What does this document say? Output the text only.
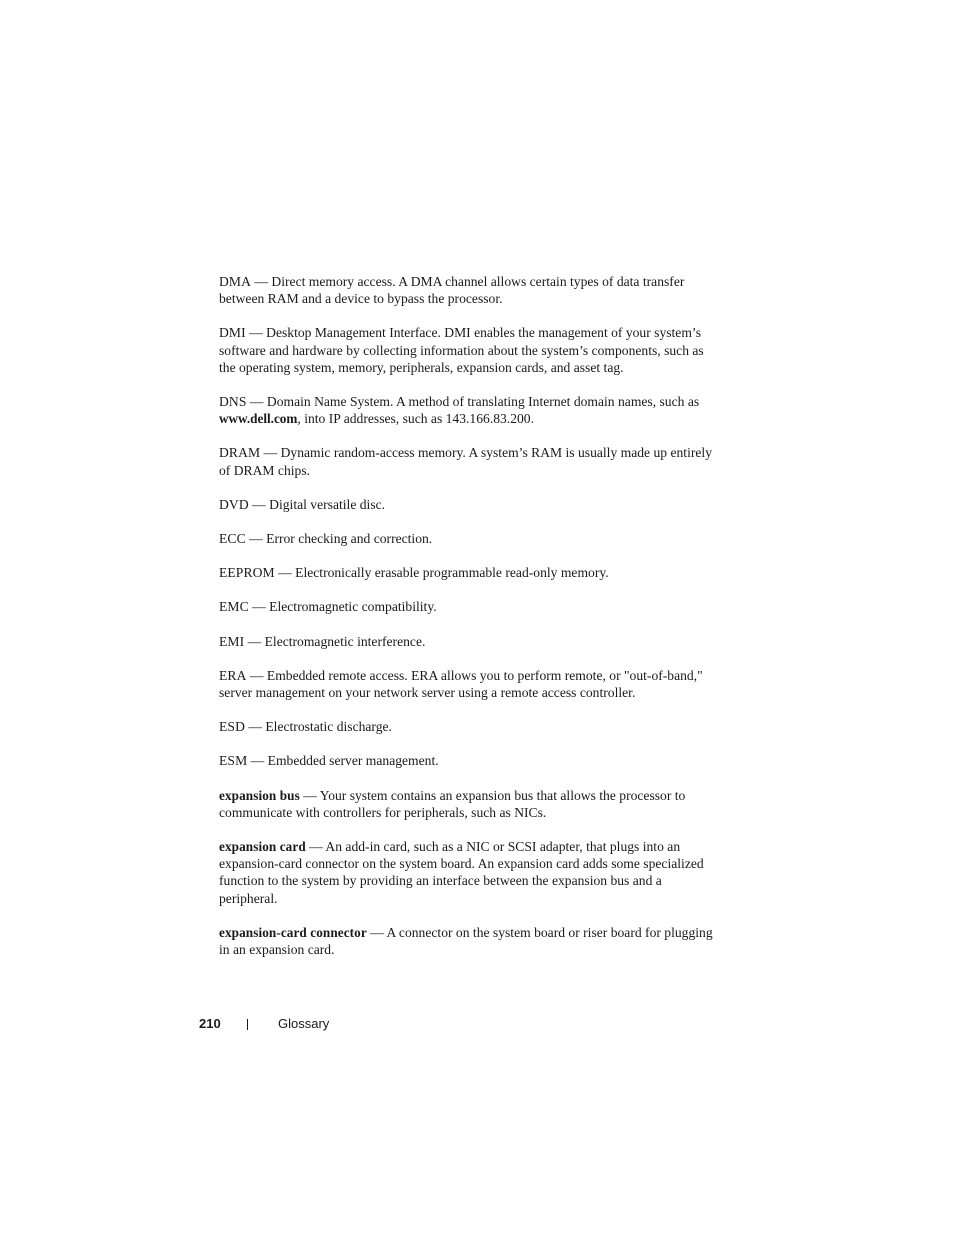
DMA — Direct memory access. A DMA channel allows certain types of data transfer between RAM and a device to bypass the processor.

DMI — Desktop Management Interface. DMI enables the management of your system’s software and hardware by collecting information about the system’s components, such as the operating system, memory, peripherals, expansion cards, and asset tag.

DNS — Domain Name System. A method of translating Internet domain names, such as www.dell.com, into IP addresses, such as 143.166.83.200.

DRAM — Dynamic random-access memory. A system’s RAM is usually made up entirely of DRAM chips.

DVD — Digital versatile disc.

ECC — Error checking and correction.

EEPROM — Electronically erasable programmable read-only memory.

EMC — Electromagnetic compatibility.

EMI — Electromagnetic interference.

ERA — Embedded remote access. ERA allows you to perform remote, or "out-of-band," server management on your network server using a remote access controller.

ESD — Electrostatic discharge.

ESM — Embedded server management.

expansion bus — Your system contains an expansion bus that allows the processor to communicate with controllers for peripherals, such as NICs.

expansion card — An add-in card, such as a NIC or SCSI adapter, that plugs into an expansion-card connector on the system board. An expansion card adds some specialized function to the system by providing an interface between the expansion bus and a peripheral.

expansion-card connector — A connector on the system board or riser board for plugging in an expansion card.

210	Glossary
